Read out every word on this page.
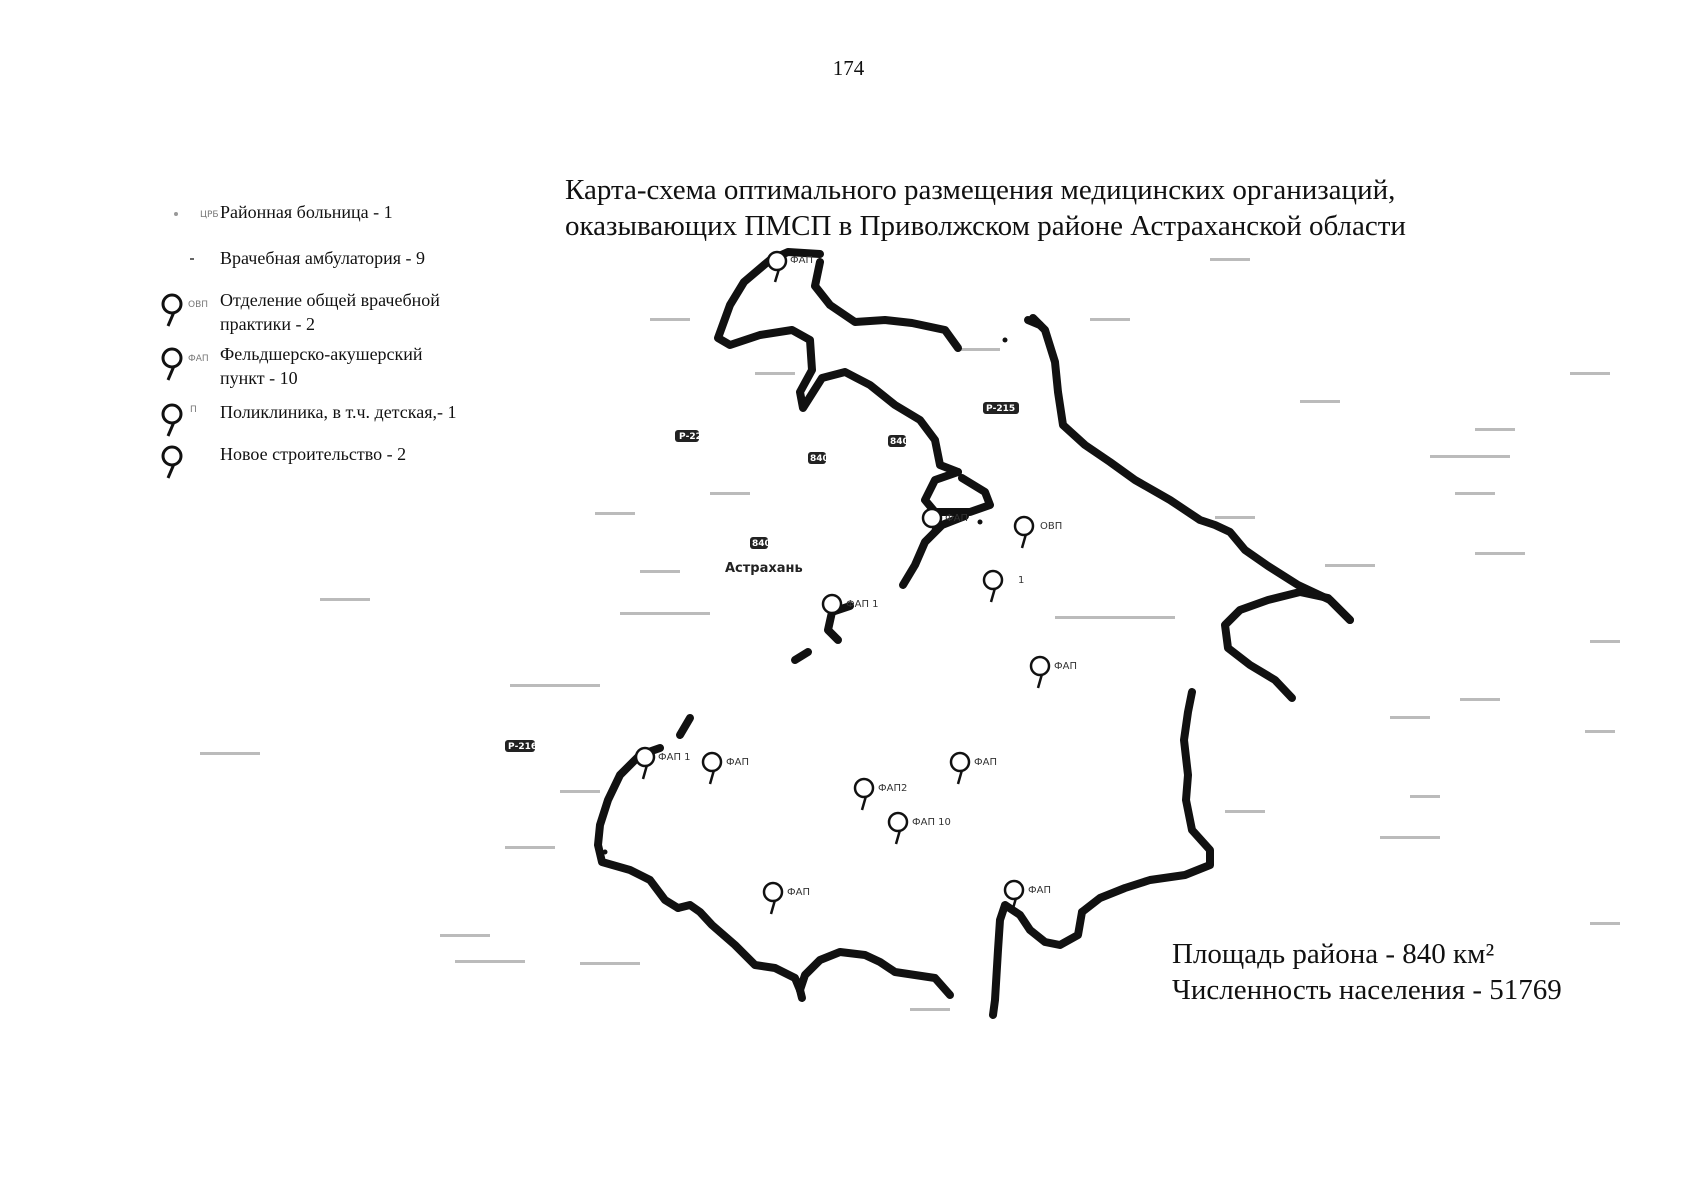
174
Карта-схема оптимального размещения медицинских организаций,
оказывающих ПМСП в Приволжском районе Астраханской области
ЦРБ Районная больница - 1
Врачебная амбулатория - 9
ОВП Отделение общей врачебной
практики - 2
ФАП Фельдшерско-акушерский
пункт - 10
П Поликлиника, в т.ч. детская,- 1
Новое строительство - 2
Р-22	840
840
840
Р-215
Р-216
Астрахань
ФАП
ФАП
ОВП
1
ФАП 1
ФАП
ФАП 1	ФАП	ФАП
ФАП2
ФАП 10
ФАП	ФАП
Площадь района - 840 км²
Численность населения - 51769
